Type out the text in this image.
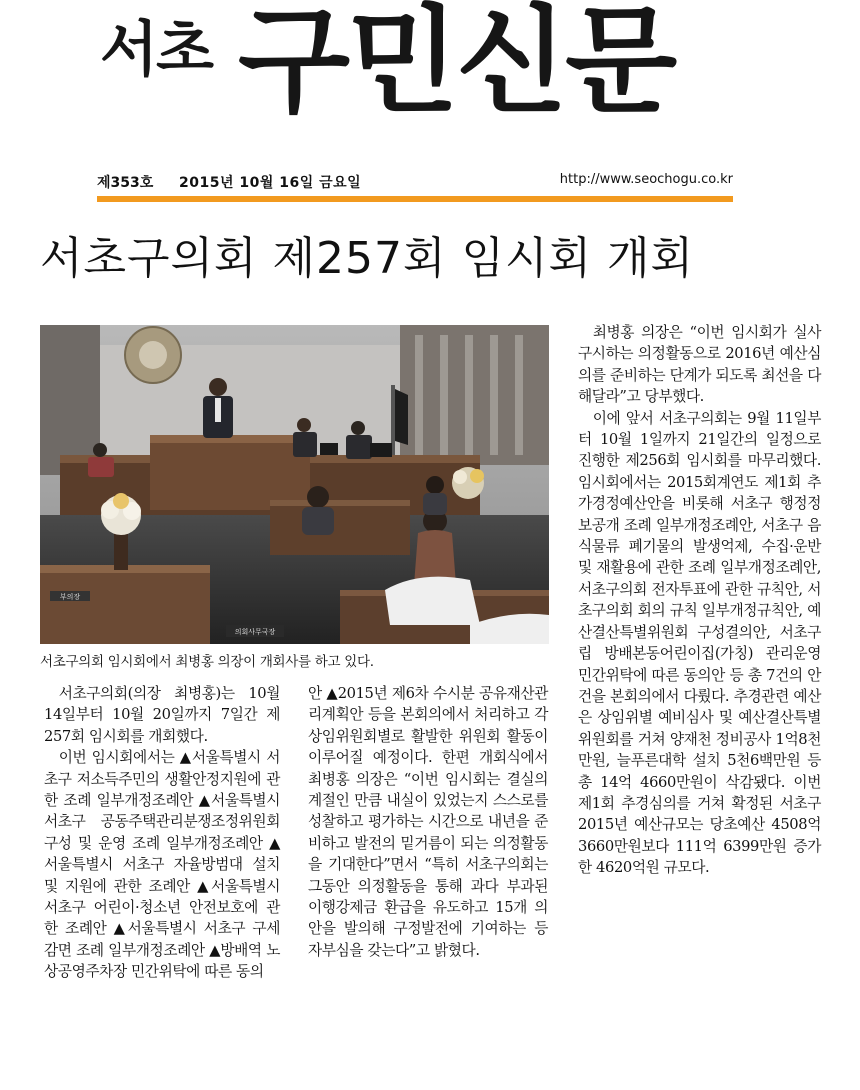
서초 구민신문
제353호 2015년 10월 16일 금요일	http://www.seochogu.co.kr
서초구의회 제257회 임시회 개회
부의장
의회사무국장
서초구의회 임시회에서 최병홍 의장이 개회사를 하고 있다.

서초구의회(의장 최병홍)는 10월 14일부터 10월 20일까지 7일간 제257회 임시회를 개회했다.

이번 임시회에서는 ▲서울특별시 서초구 저소득주민의 생활안정지원에 관한 조례 일부개정조례안 ▲서울특별시 서초구 공동주택관리분쟁조정위원회 구성 및 운영 조례 일부개정조례안 ▲서울특별시 서초구 자율방범대 설치 및 지원에 관한 조례안 ▲서울특별시 서초구 어린이·청소년 안전보호에 관한 조례안 ▲서울특별시 서초구 구세 감면 조례 일부개정조례안 ▲방배역 노상공영주차장 민간위탁에 따른 동의

안 ▲2015년 제6차 수시분 공유재산관리계획안 등을 본회의에서 처리하고 각 상임위원회별로 활발한 위원회 활동이 이루어질 예정이다. 한편 개회식에서 최병홍 의장은 “이번 임시회는 결실의 계절인 만큼 내실이 있었는지 스스로를 성찰하고 평가하는 시간으로 내년을 준비하고 발전의 밑거름이 되는 의정활동을 기대한다”면서 “특히 서초구의회는 그동안 의정활동을 통해 과다 부과된 이행강제금 환급을 유도하고 15개 의안을 발의해 구정발전에 기여하는 등 자부심을 갖는다”고 밝혔다.

최병홍 의장은 “이번 임시회가 실사구시하는 의정활동으로 2016년 예산심의를 준비하는 단계가 되도록 최선을 다해달라”고 당부했다.

이에 앞서 서초구의회는 9월 11일부터 10월 1일까지 21일간의 일정으로 진행한 제256회 임시회를 마무리했다. 임시회에서는 2015회계연도 제1회 추가경정예산안을 비롯해 서초구 행정정보공개 조례 일부개정조례안, 서초구 음식물류 폐기물의 발생억제, 수집·운반 및 재활용에 관한 조례 일부개정조례안, 서초구의회 전자투표에 관한 규칙안, 서초구의회 회의 규칙 일부개정규칙안, 예산결산특별위원회 구성결의안, 서초구립 방배본동어린이집(가칭) 관리운영 민간위탁에 따른 동의안 등 총 7건의 안건을 본회의에서 다뤘다. 추경관련 예산은 상임위별 예비심사 및 예산결산특별위원회를 거쳐 양재천 정비공사 1억8천만원, 늘푸른대학 설치 5천6백만원 등 총 14억 4660만원이 삭감됐다. 이번 제1회 추경심의를 거쳐 확정된 서초구 2015년 예산규모는 당초예산 4508억 3660만원보다 111억 6399만원 증가한 4620억원 규모다.
